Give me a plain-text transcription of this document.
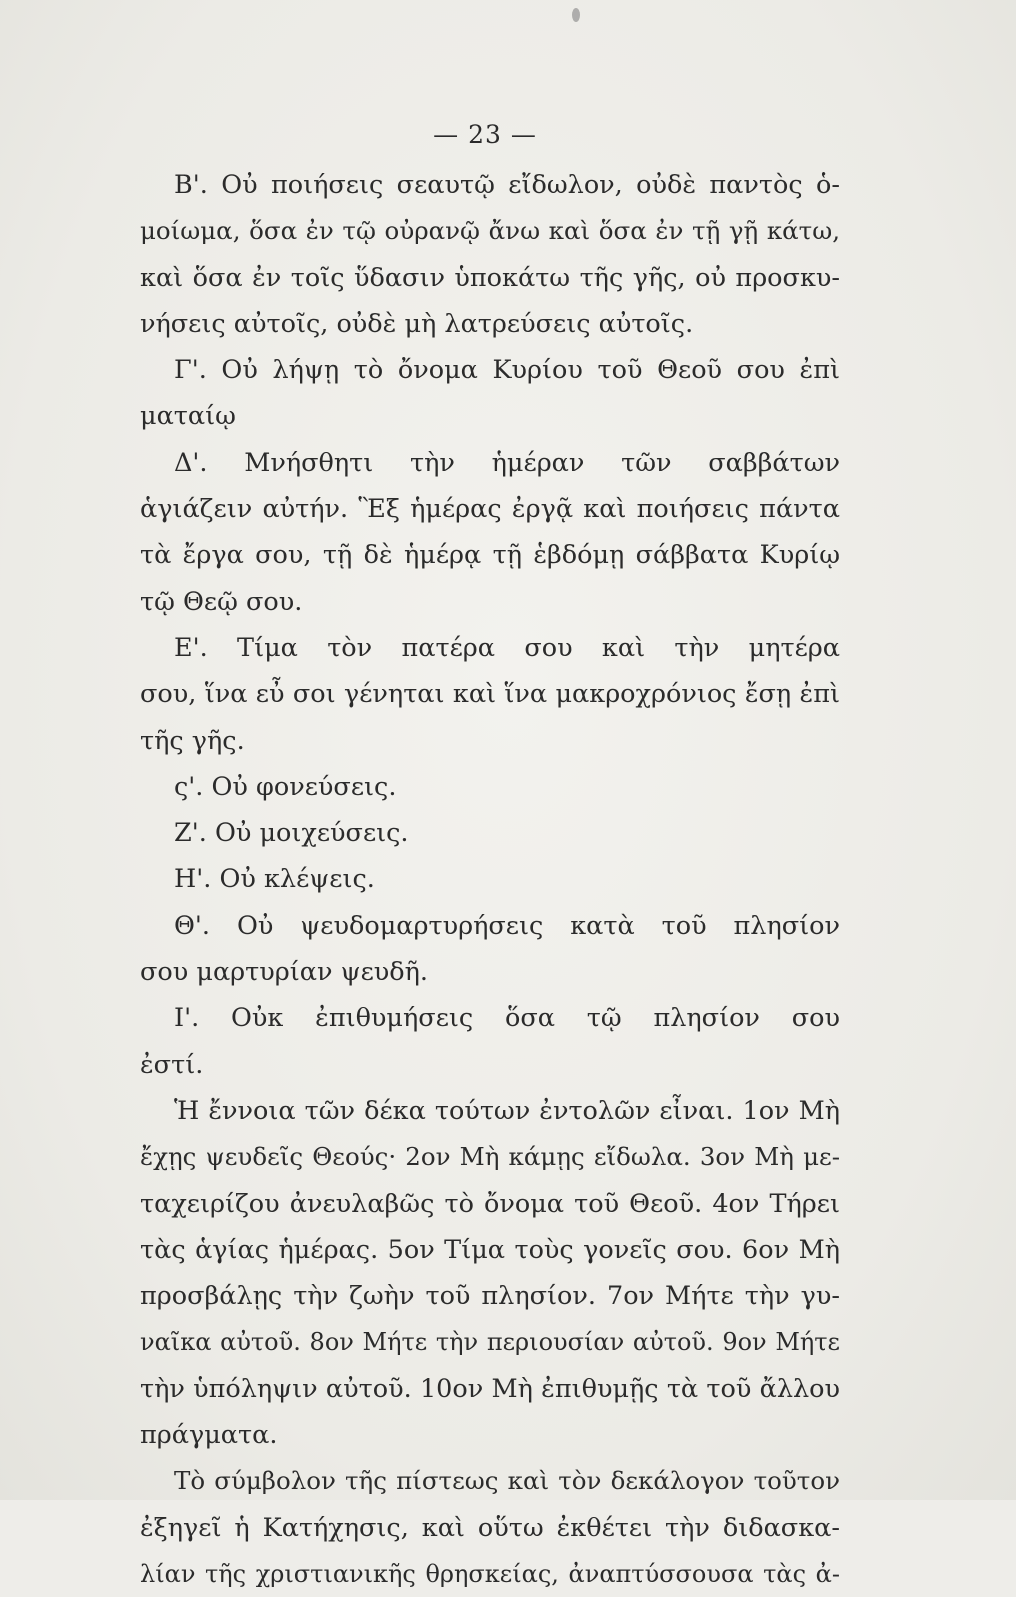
— 23 —
Β'. Οὐ ποιήσεις σεαυτῷ εἴδωλον, οὐδὲ παντὸς ὁ-
μοίωμα, ὅσα ἐν τῷ οὐρανῷ ἄνω καὶ ὅσα ἐν τῇ γῇ κάτω,
καὶ ὅσα ἐν τοῖς ὕδασιν ὑποκάτω τῆς γῆς, οὐ προσκυ-
νήσεις αὐτοῖς, οὐδὲ μὴ λατρεύσεις αὐτοῖς.
Γ'. Οὐ λήψῃ τὸ ὄνομα Κυρίου τοῦ Θεοῦ σου ἐπὶ
ματαίῳ
Δ'. Μνήσθητι τὴν ἡμέραν τῶν σαββάτων
ἁγιάζειν αὐτήν. Ἓξ ἡμέρας ἐργᾷ καὶ ποιήσεις πάντα
τὰ ἔργα σου, τῇ δὲ ἡμέρᾳ τῇ ἑβδόμῃ σάββατα Κυρίῳ
τῷ Θεῷ σου.
Ε'. Τίμα τὸν πατέρα σου καὶ τὴν μητέρα
σου, ἵνα εὖ σοι γένηται καὶ ἵνα μακροχρόνιος ἔσῃ ἐπὶ
τῆς γῆς.
ς'. Οὐ φονεύσεις.
Ζ'. Οὐ μοιχεύσεις.
Η'. Οὐ κλέψεις.
Θ'. Οὐ ψευδομαρτυρήσεις κατὰ τοῦ πλησίον
σου μαρτυρίαν ψευδῆ.
Ι'. Οὐκ ἐπιθυμήσεις ὅσα τῷ πλησίον σου
ἐστί.
Ἡ ἔννοια τῶν δέκα τούτων ἐντολῶν εἶναι. 1ον Μὴ
ἔχῃς ψευδεῖς Θεούς· 2ον Μὴ κάμῃς εἴδωλα. 3ον Μὴ με-
ταχειρίζου ἀνευλαβῶς τὸ ὄνομα τοῦ Θεοῦ. 4ον Τήρει
τὰς ἁγίας ἡμέρας. 5ον Τίμα τοὺς γονεῖς σου. 6ον Μὴ
προσβάλῃς τὴν ζωὴν τοῦ πλησίον. 7ον Μήτε τὴν γυ-
ναῖκα αὐτοῦ. 8ον Μήτε τὴν περιουσίαν αὐτοῦ. 9ον Μήτε
τὴν ὑπόληψιν αὐτοῦ. 10ον Μὴ ἐπιθυμῇς τὰ τοῦ ἄλλου
πράγματα.
Τὸ σύμβολον τῆς πίστεως καὶ τὸν δεκάλογον τοῦτον
ἐξηγεῖ ἡ Κατήχησις, καὶ οὕτω ἐκθέτει τὴν διδασκα-
λίαν τῆς χριστιανικῆς θρησκείας, ἀναπτύσσουσα τὰς ἀ-
